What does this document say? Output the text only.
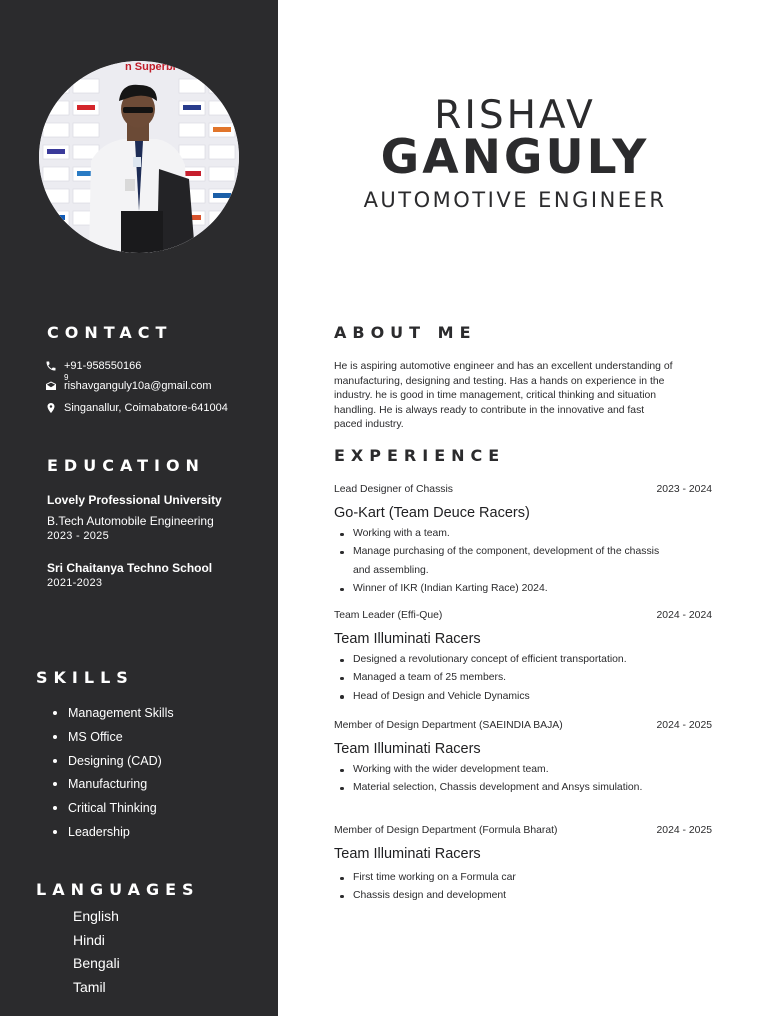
n Superbi
CONTACT
+91-958550166
9
rishavganguly10a@gmail.com
Singanallur, Coimabatore-641004
EDUCATION
Lovely Professional University
B.Tech Automobile Engineering
2023 - 2025
Sri Chaitanya Techno School
2021-2023
SKILLS
Management Skills
MS Office
Designing (CAD)
Manufacturing
Critical Thinking
Leadership
LANGUAGES
English
Hindi
Bengali
Tamil
RISHAV
GANGULY
AUTOMOTIVE ENGINEER
ABOUT ME
He is aspiring automotive engineer and has an excellent understanding of
manufacturing, designing and testing. Has a hands on experience in the
industry. he is good in time management, critical thinking and situation
handling. He is always ready to contribute in the innovative and fast
paced industry.
EXPERIENCE
Lead Designer of Chassis	2023 - 2024
Go-Kart (Team Deuce Racers)
Working with a team.
Manage purchasing of the component, development of the chassis
and assembling.
Winner of IKR (Indian Karting Race) 2024.
Team Leader (Effi-Que)	2024 - 2024
Team Illuminati Racers
Designed a revolutionary concept of efficient transportation.
Managed a team of 25 members.
Head of Design and Vehicle Dynamics
Member of Design Department (SAEINDIA BAJA)	2024 - 2025
Team Illuminati Racers
Working with the wider development team.
Material selection, Chassis development and Ansys simulation.
Member of Design Department (Formula Bharat)	2024 - 2025
Team Illuminati Racers
First time working on a Formula car
Chassis design and development
